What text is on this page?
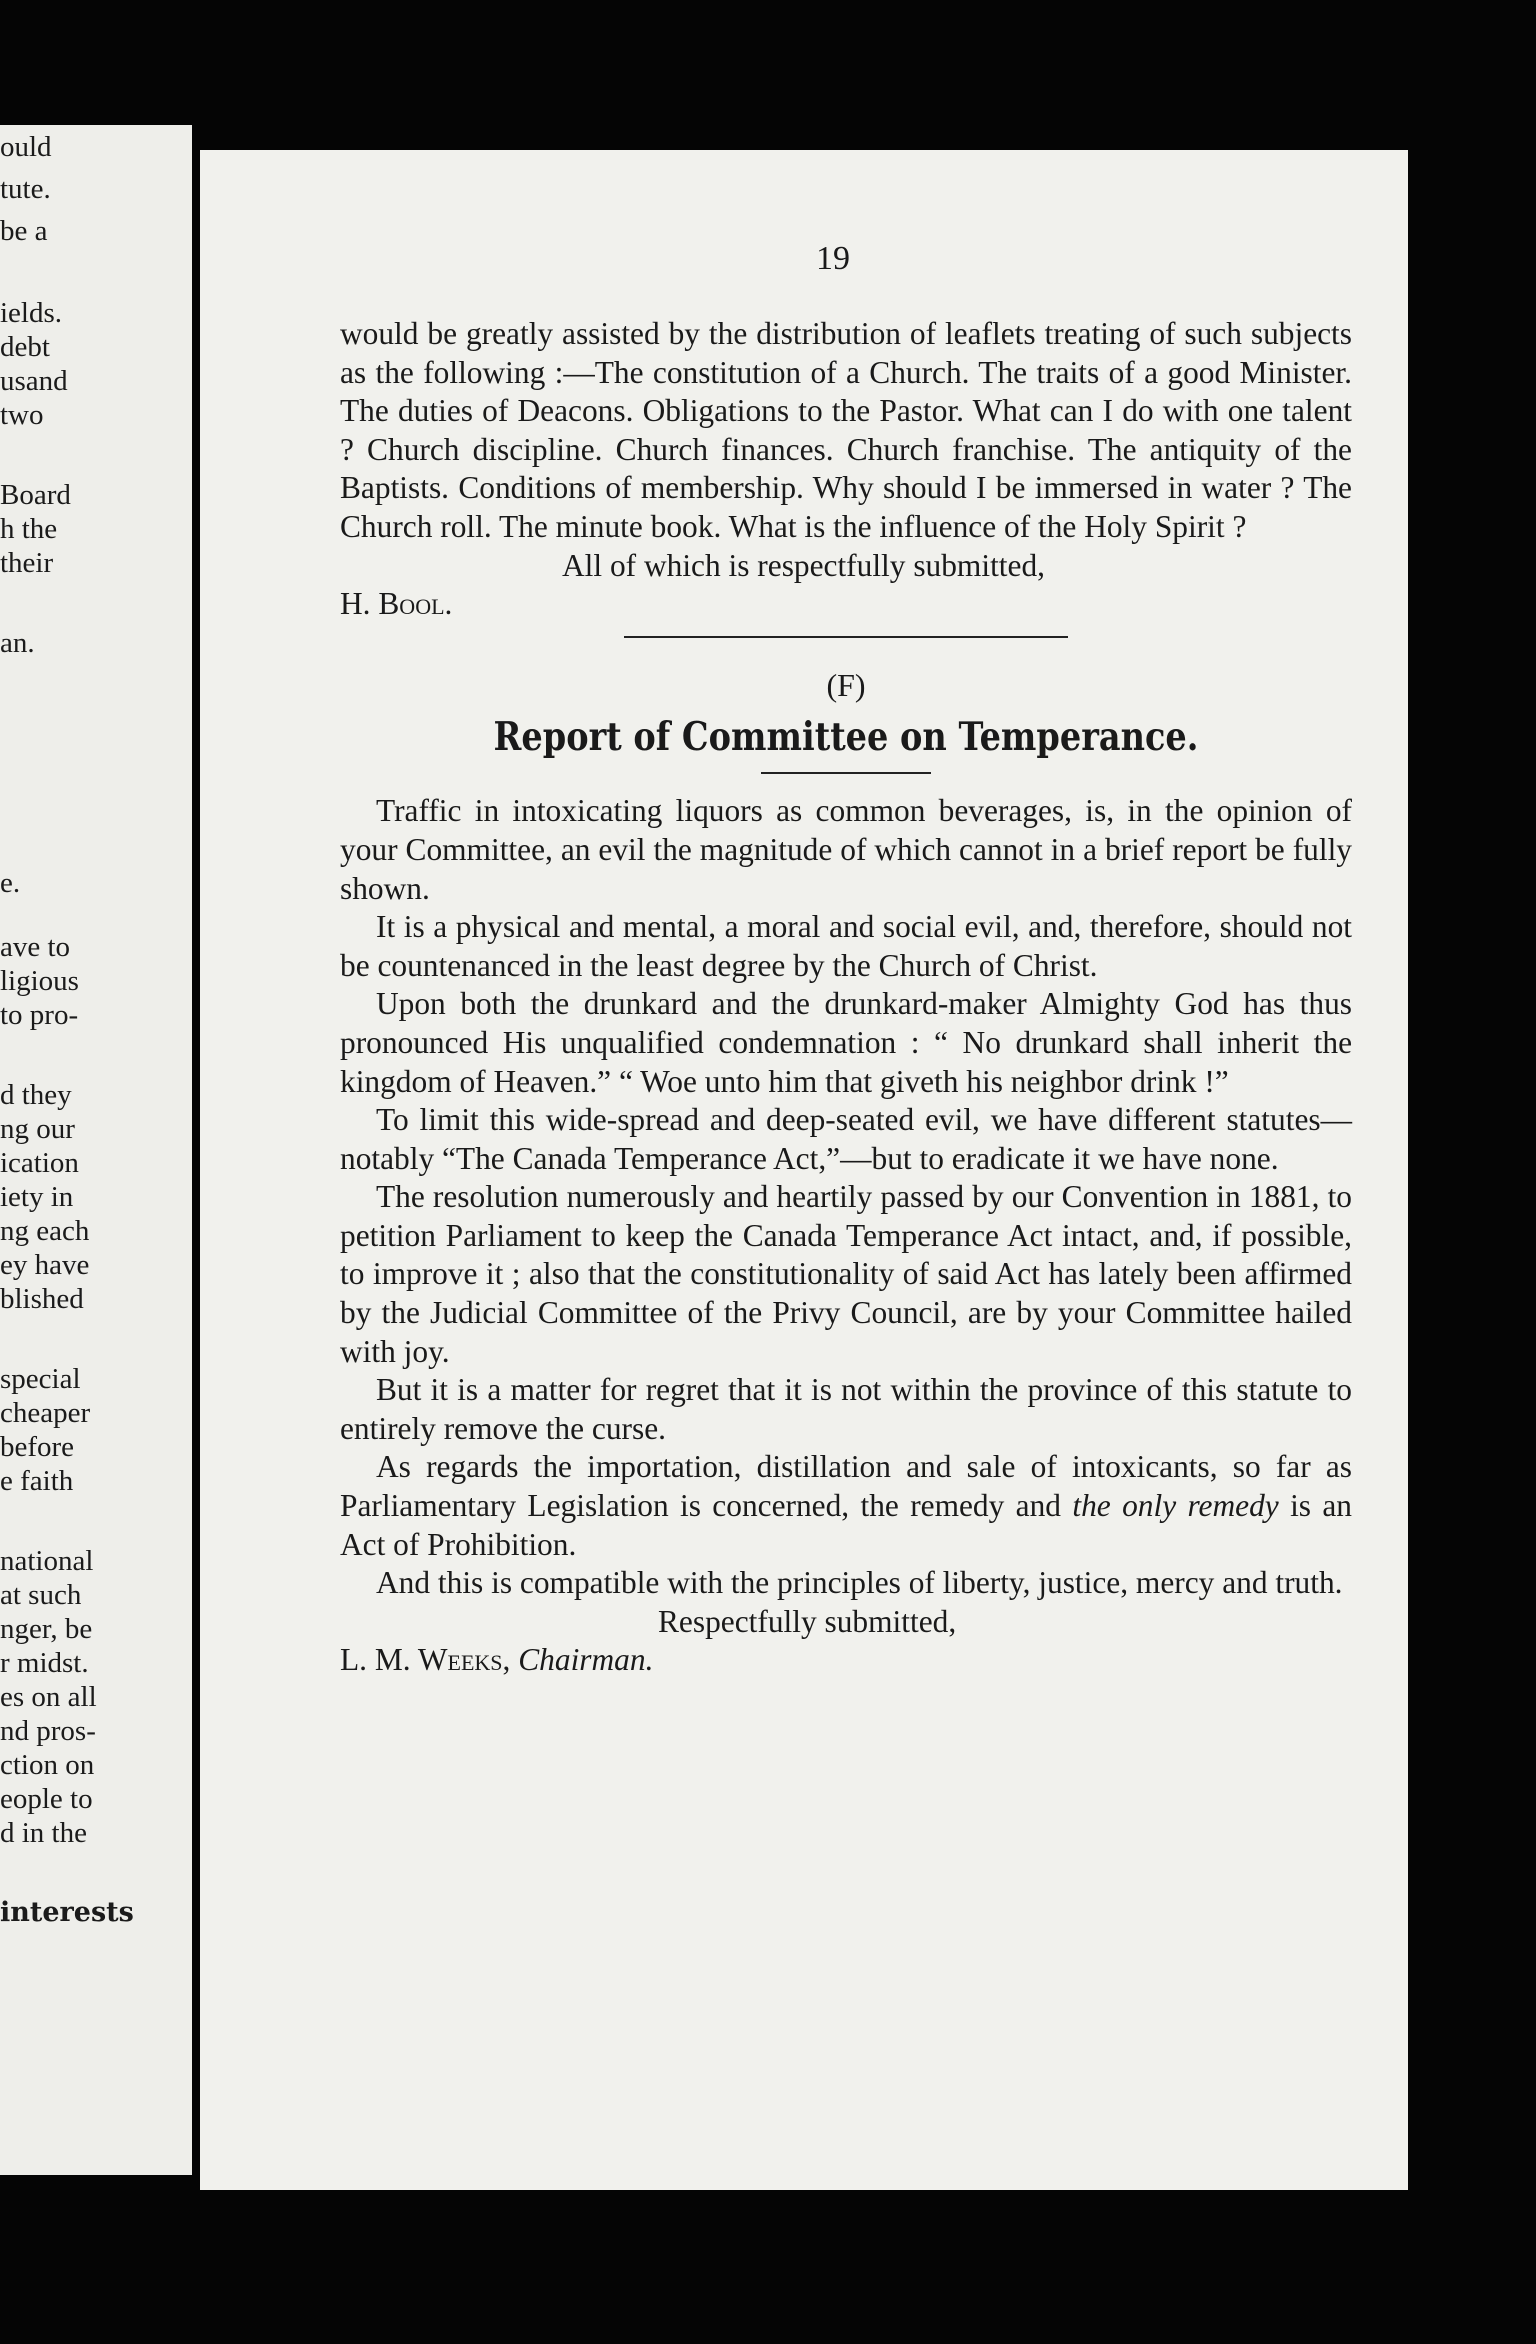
ould
tute.
be a
ields.
debt
usand
two
Board
h the
their
an.
e.
ave to
ligious
to pro-
d they
ng our
ication
iety in
ng each
ey have
blished
special
cheaper
before
e faith
national
at such
nger, be
r midst.
es on all
nd pros-
ction on
eople to
d in the
interests
19

would be greatly assisted by the distribution of leaflets treating of such subjects as the following :—The constitution of a Church. The traits of a good Minister. The duties of Deacons. Obligations to the Pastor. What can I do with one talent ? Church discipline. Church finances. Church franchise. The antiquity of the Baptists. Conditions of membership. Why should I be immersed in water ? The Church roll. The minute book. What is the influence of the Holy Spirit ?

All of which is respectfully submitted,

H. Bool.

(F)
Report of Committee on Temperance.

Traffic in intoxicating liquors as common beverages, is, in the opinion of your Committee, an evil the magnitude of which cannot in a brief report be fully shown.

It is a physical and mental, a moral and social evil, and, therefore, should not be countenanced in the least degree by the Church of Christ.

Upon both the drunkard and the drunkard-maker Almighty God has thus pronounced His unqualified condemnation : “ No drunkard shall inherit the kingdom of Heaven.” “ Woe unto him that giveth his neighbor drink !”

To limit this wide-spread and deep-seated evil, we have different statutes—notably “The Canada Temperance Act,”—but to eradicate it we have none.

The resolution numerously and heartily passed by our Convention in 1881, to petition Parliament to keep the Canada Temperance Act intact, and, if possible, to improve it ; also that the constitutionality of said Act has lately been affirmed by the Judicial Committee of the Privy Council, are by your Committee hailed with joy.

But it is a matter for regret that it is not within the province of this statute to entirely remove the curse.

As regards the importation, distillation and sale of intoxicants, so far as Parliamentary Legislation is concerned, the remedy and the only remedy is an Act of Prohibition.

And this is compatible with the principles of liberty, justice, mercy and truth.

Respectfully submitted,

L. M. Weeks, Chairman.
